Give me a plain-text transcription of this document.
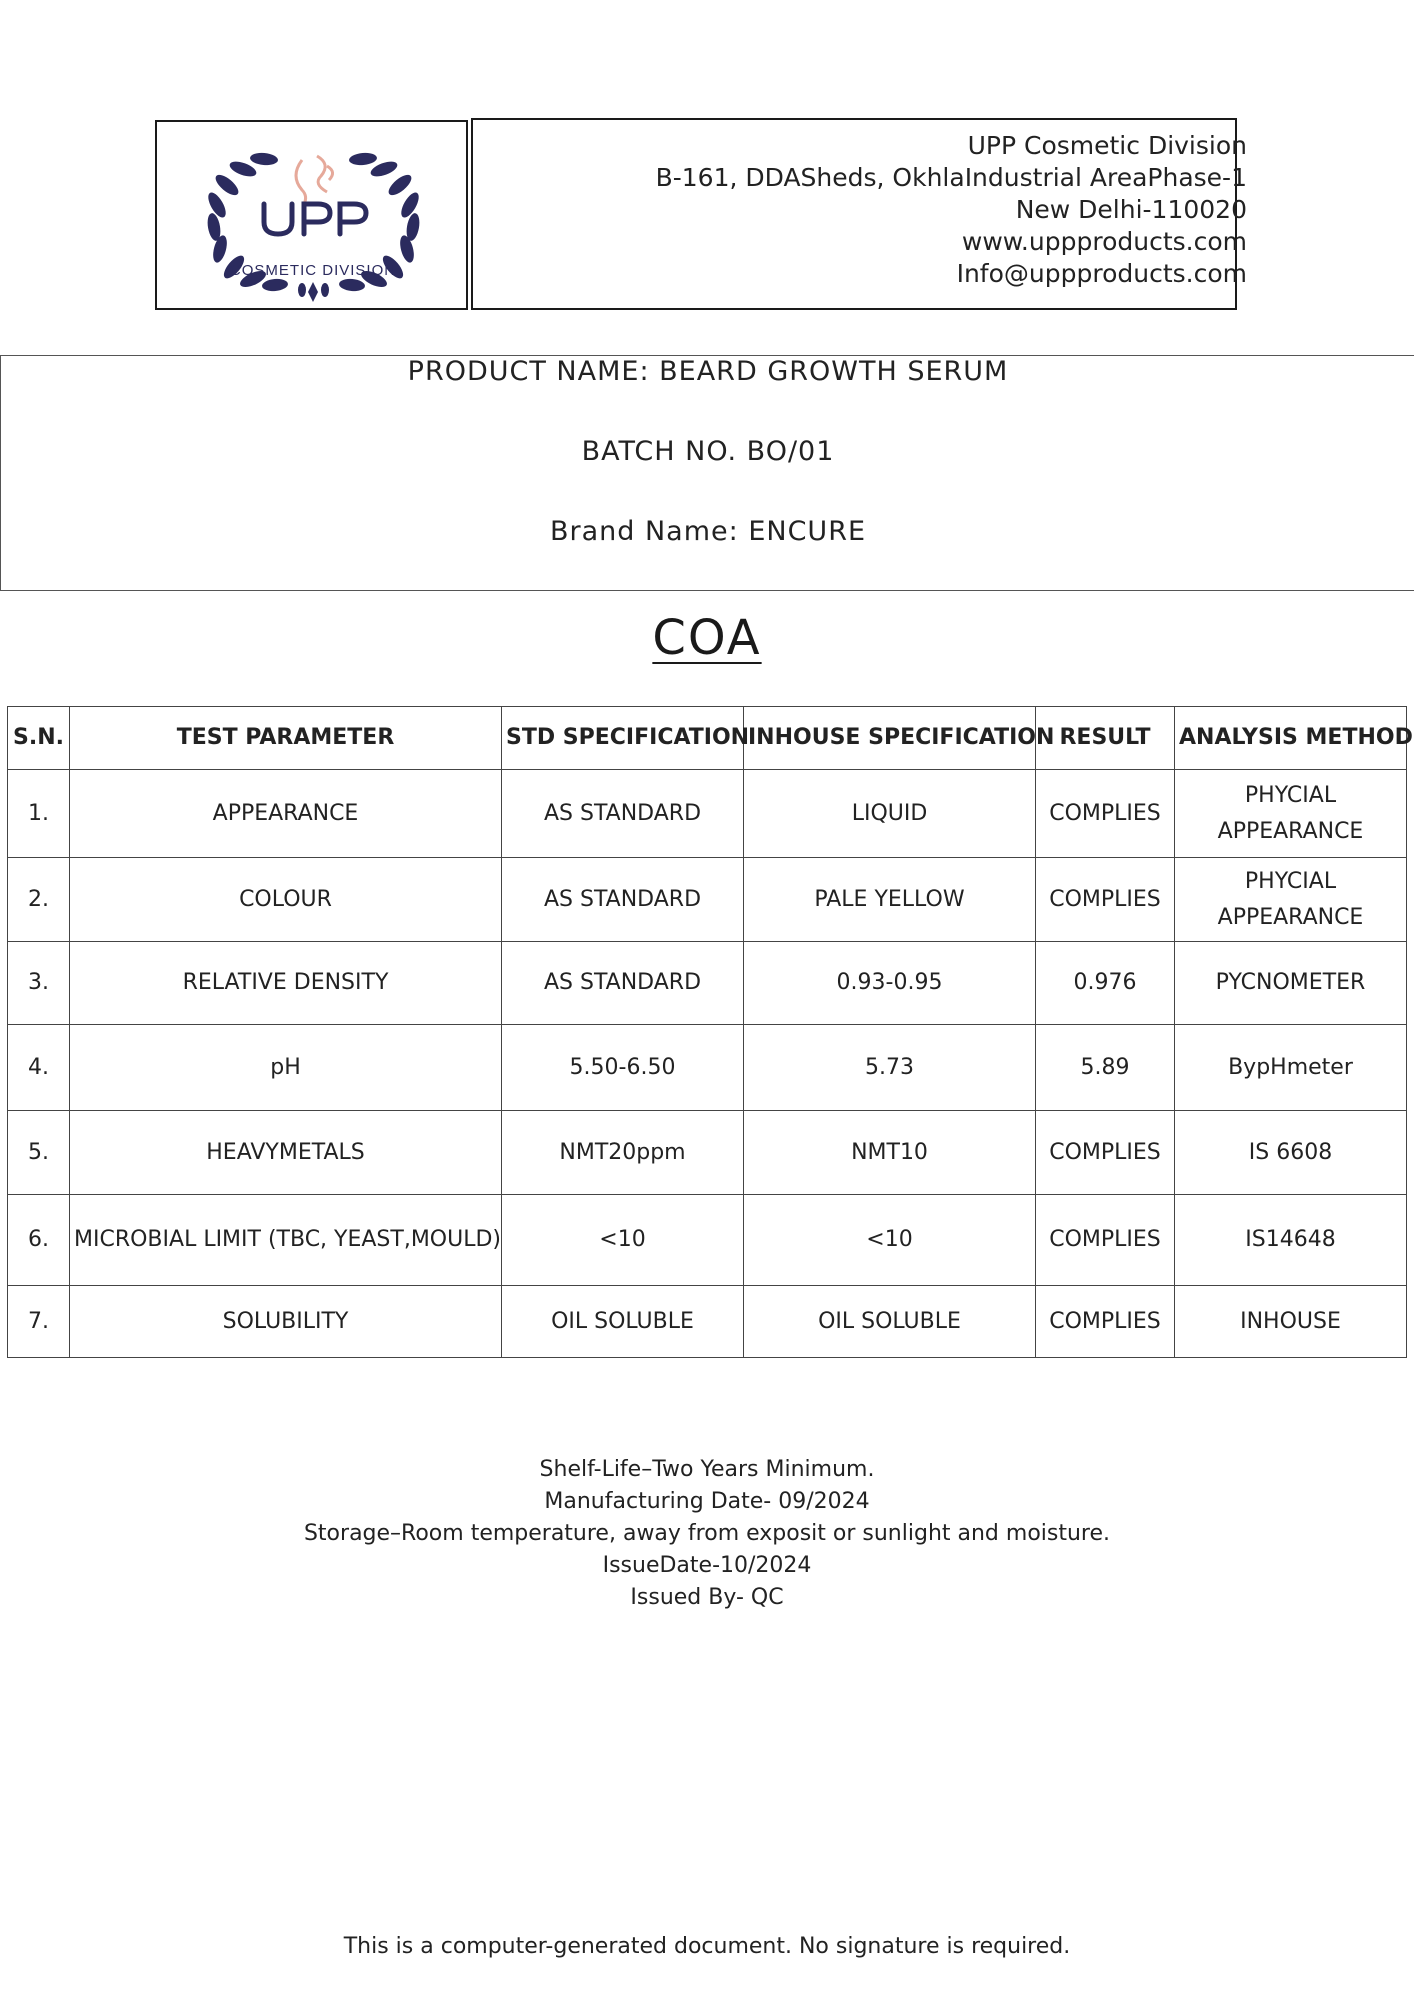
COSMETIC DIVISION
UPP Cosmetic Division
B-161, DDASheds, OkhlaIndustrial AreaPhase-1
New Delhi-110020
www.uppproducts.com
Info@uppproducts.com
PRODUCT NAME: BEARD GROWTH SERUM
BATCH NO. BO/01
Brand Name: ENCURE
COA
S.N.	TEST PARAMETER	STD SPECIFICATION	INHOUSE SPECIFICATION	RESULT	ANALYSIS METHOD
1.	APPEARANCE	AS STANDARD	LIQUID	COMPLIES	PHYCIAL APPEARANCE
2.	COLOUR	AS STANDARD	PALE YELLOW	COMPLIES	PHYCIAL APPEARANCE
3.	RELATIVE DENSITY	AS STANDARD	0.93-0.95	0.976	PYCNOMETER
4.	pH	5.50-6.50	5.73	5.89	BypHmeter
5.	HEAVYMETALS	NMT20ppm	NMT10	COMPLIES	IS 6608
6.	MICROBIAL LIMIT (TBC, YEAST,MOULD)	<10	<10	COMPLIES	IS14648
7.	SOLUBILITY	OIL SOLUBLE	OIL SOLUBLE	COMPLIES	INHOUSE
Shelf-Life–Two Years Minimum.
Manufacturing Date- 09/2024
Storage–Room temperature, away from exposit or sunlight and moisture.
IssueDate-10/2024
Issued By- QC
This is a computer-generated document. No signature is required.
